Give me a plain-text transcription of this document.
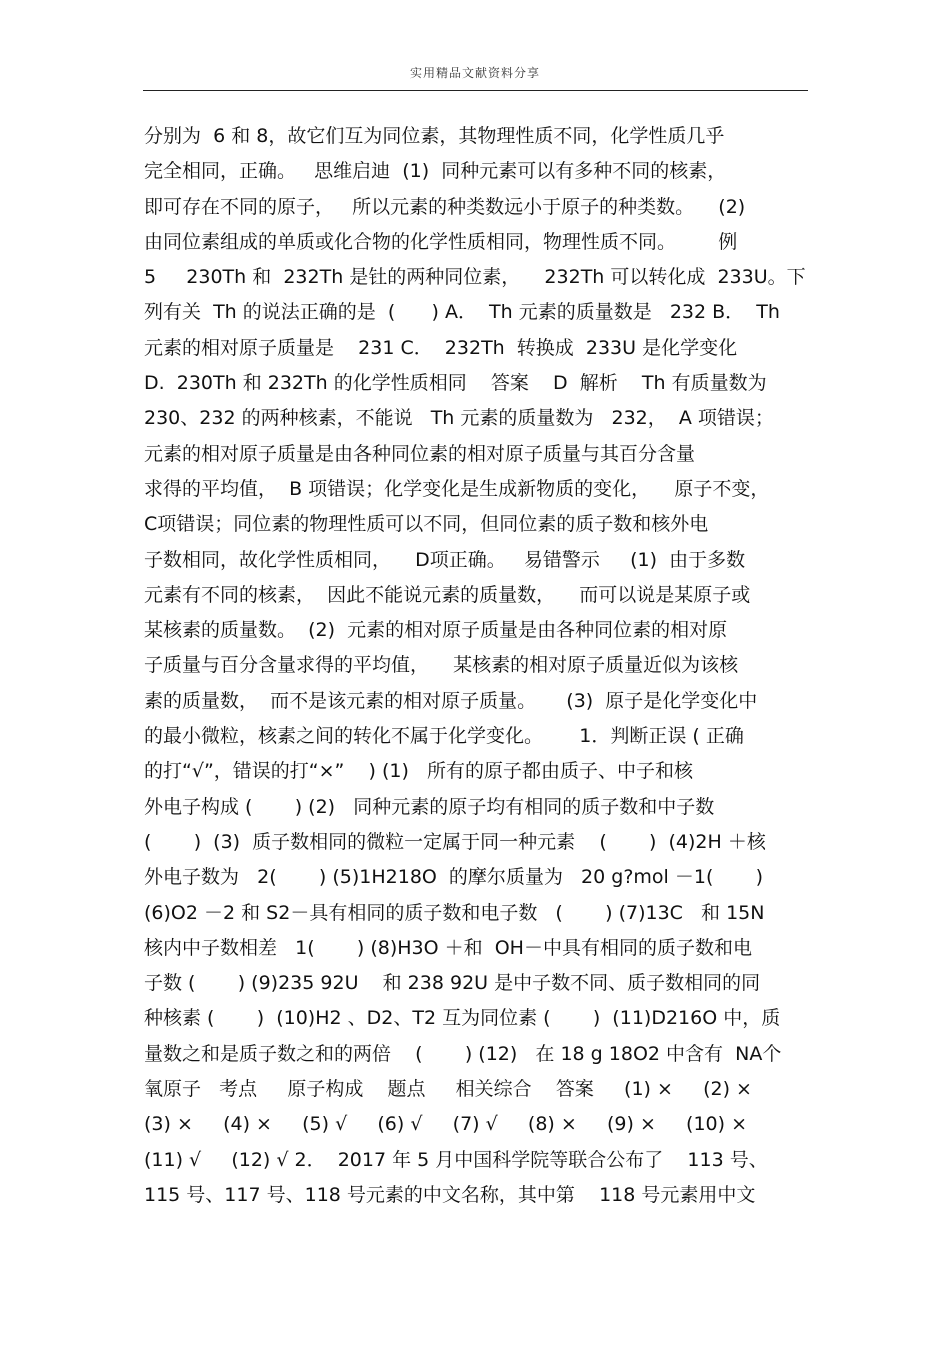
实用精品文献资料分享
分别为  6 和 8，故它们互为同位素，其物理性质不同，化学性质几乎
完全相同，正确。   思维启迪  (1)  同种元素可以有多种不同的核素，
即可存在不同的原子，   所以元素的种类数远小于原子的种类数。    (2)
由同位素组成的单质或化合物的化学性质相同，物理性质不同。       例
5     230Th 和  232Th 是钍的两种同位素，    232Th 可以转化成  233U。下
列有关  Th 的说法正确的是  (      ) A．  Th 元素的质量数是   232 B．  Th
元素的相对原子质量是    231 C．  232Th  转换成  233U 是化学变化
D.  230Th 和 232Th 的化学性质相同    答案    D  解析    Th 有质量数为
230、232 的两种核素，不能说   Th 元素的质量数为   232，  A 项错误；
元素的相对原子质量是由各种同位素的相对原子质量与其百分含量
求得的平均值，  B 项错误；化学变化是生成新物质的变化，    原子不变，
C项错误；同位素的物理性质可以不同，但同位素的质子数和核外电
子数相同，故化学性质相同，    D项正确。   易错警示     (1)  由于多数
元素有不同的核素，  因此不能说元素的质量数，    而可以说是某原子或
某核素的质量数。  (2)  元素的相对原子质量是由各种同位素的相对原
子质量与百分含量求得的平均值，    某核素的相对原子质量近似为该核
素的质量数，  而不是该元素的相对原子质量。     (3)  原子是化学变化中
的最小微粒，核素之间的转化不属于化学变化。      1．判断正误 ( 正确
的打“√”，错误的打“×”    ) (1)   所有的原子都由质子、中子和核
外电子构成 (       ) (2)   同种元素的原子均有相同的质子数和中子数
(       )  (3)  质子数相同的微粒一定属于同一种元素    (       )  (4)2H ＋核
外电子数为   2(       ) (5)1H218O  的摩尔质量为   20 g?mol －1(       )
(6)O2 －2 和 S2－具有相同的质子数和电子数   (       ) (7)13C   和 15N
核内中子数相差   1(       ) (8)H3O ＋和  OH－中具有相同的质子数和电
子数 (       ) (9)235 92U    和 238 92U 是中子数不同、质子数相同的同
种核素 (       )  (10)H2 、D2、T2 互为同位素 (       )  (11)D216O 中，质
量数之和是质子数之和的两倍    (       ) (12)   在 18 g 18O2 中含有  NA个
氧原子   考点     原子构成    题点     相关综合    答案     (1) ×     (2) ×
(3) ×     (4) ×     (5) √     (6) √     (7) √     (8) ×     (9) ×     (10) ×
(11) √     (12) √ 2．  2017 年 5 月中国科学院等联合公布了    113 号、
115 号、117 号、118 号元素的中文名称，其中第    118 号元素用中文
